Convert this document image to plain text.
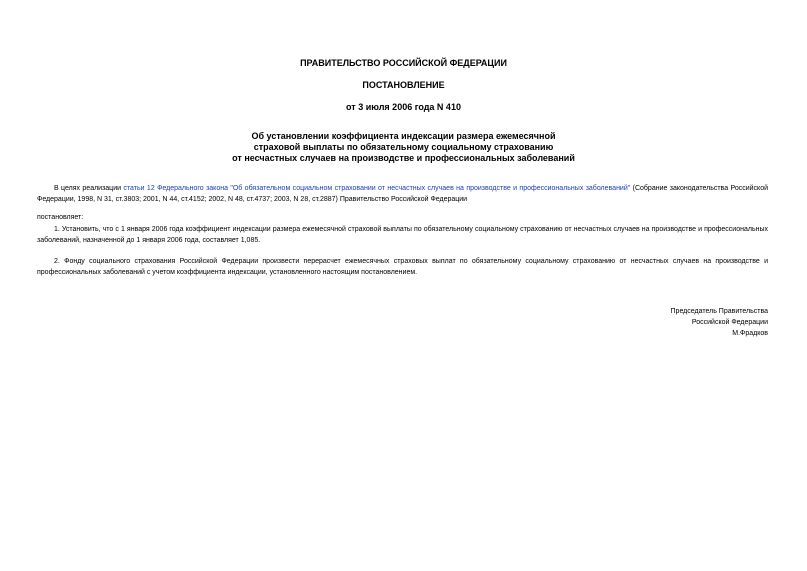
ПРАВИТЕЛЬСТВО РОССИЙСКОЙ ФЕДЕРАЦИИ
ПОСТАНОВЛЕНИЕ
от 3 июля 2006 года N 410
Об установлении коэффициента индексации размера ежемесячной
страховой выплаты по обязательному социальному страхованию
от несчастных случаев на производстве и профессиональных заболеваний
В целях реализации статьи 12 Федерального закона "Об обязательном социальном страховании от несчастных случаев на производстве и профессиональных заболеваний" (Собрание законодательства Российской Федерации, 1998, N 31, ст.3803; 2001, N 44, ст.4152; 2002, N 48, ст.4737; 2003, N 28, ст.2887) Правительство Российской Федерации
постановляет:
1. Установить, что с 1 января 2006 года коэффициент индексации размера ежемесячной страховой выплаты по обязательному социальному страхованию от несчастных случаев на производстве и профессиональных заболеваний, назначенной до 1 января 2006 года, составляет 1,085.
2. Фонду социального страхования Российской Федерации произвести перерасчет ежемесячных страховых выплат по обязательному социальному страхованию от несчастных случаев на производстве и профессиональных заболеваний с учетом коэффициента индексации, установленного настоящим постановлением.
Председатель Правительства
Российской Федерации
М.Фрадков
